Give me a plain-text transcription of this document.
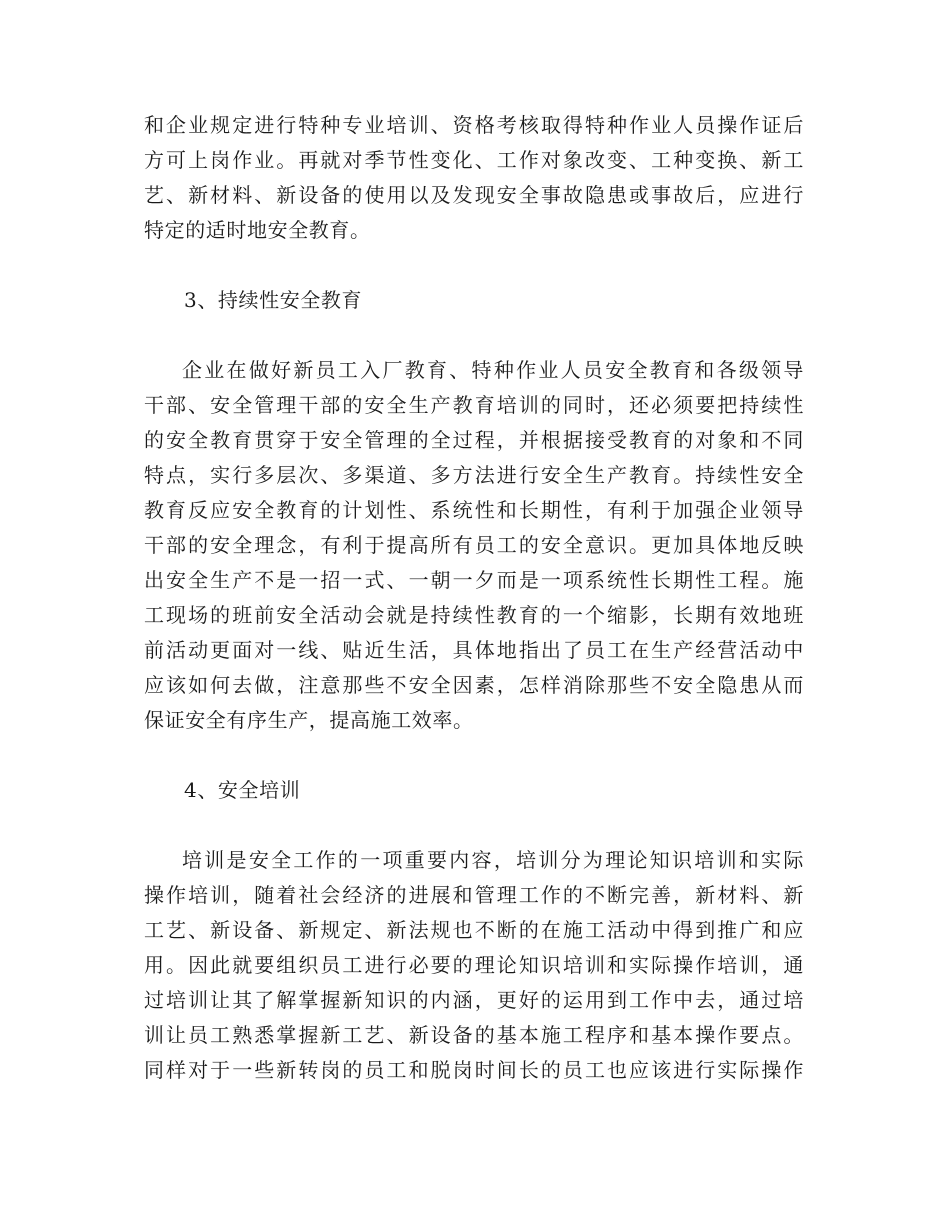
和企业规定进行特种专业培训、资格考核取得特种作业人员操作证后
方可上岗作业。再就对季节性变化、工作对象改变、工种变换、新工
艺、新材料、新设备的使用以及发现安全事故隐患或事故后，应进行
特定的适时地安全教育。
3、持续性安全教育
企业在做好新员工入厂教育、特种作业人员安全教育和各级领导
干部、安全管理干部的安全生产教育培训的同时，还必须要把持续性
的安全教育贯穿于安全管理的全过程，并根据接受教育的对象和不同
特点，实行多层次、多渠道、多方法进行安全生产教育。持续性安全
教育反应安全教育的计划性、系统性和长期性，有利于加强企业领导
干部的安全理念，有利于提高所有员工的安全意识。更加具体地反映
出安全生产不是一招一式、一朝一夕而是一项系统性长期性工程。施
工现场的班前安全活动会就是持续性教育的一个缩影，长期有效地班
前活动更面对一线、贴近生活，具体地指出了员工在生产经营活动中
应该如何去做，注意那些不安全因素，怎样消除那些不安全隐患从而
保证安全有序生产，提高施工效率。
4、安全培训
培训是安全工作的一项重要内容，培训分为理论知识培训和实际
操作培训，随着社会经济的进展和管理工作的不断完善，新材料、新
工艺、新设备、新规定、新法规也不断的在施工活动中得到推广和应
用。因此就要组织员工进行必要的理论知识培训和实际操作培训，通
过培训让其了解掌握新知识的内涵，更好的运用到工作中去，通过培
训让员工熟悉掌握新工艺、新设备的基本施工程序和基本操作要点。
同样对于一些新转岗的员工和脱岗时间长的员工也应该进行实际操作
